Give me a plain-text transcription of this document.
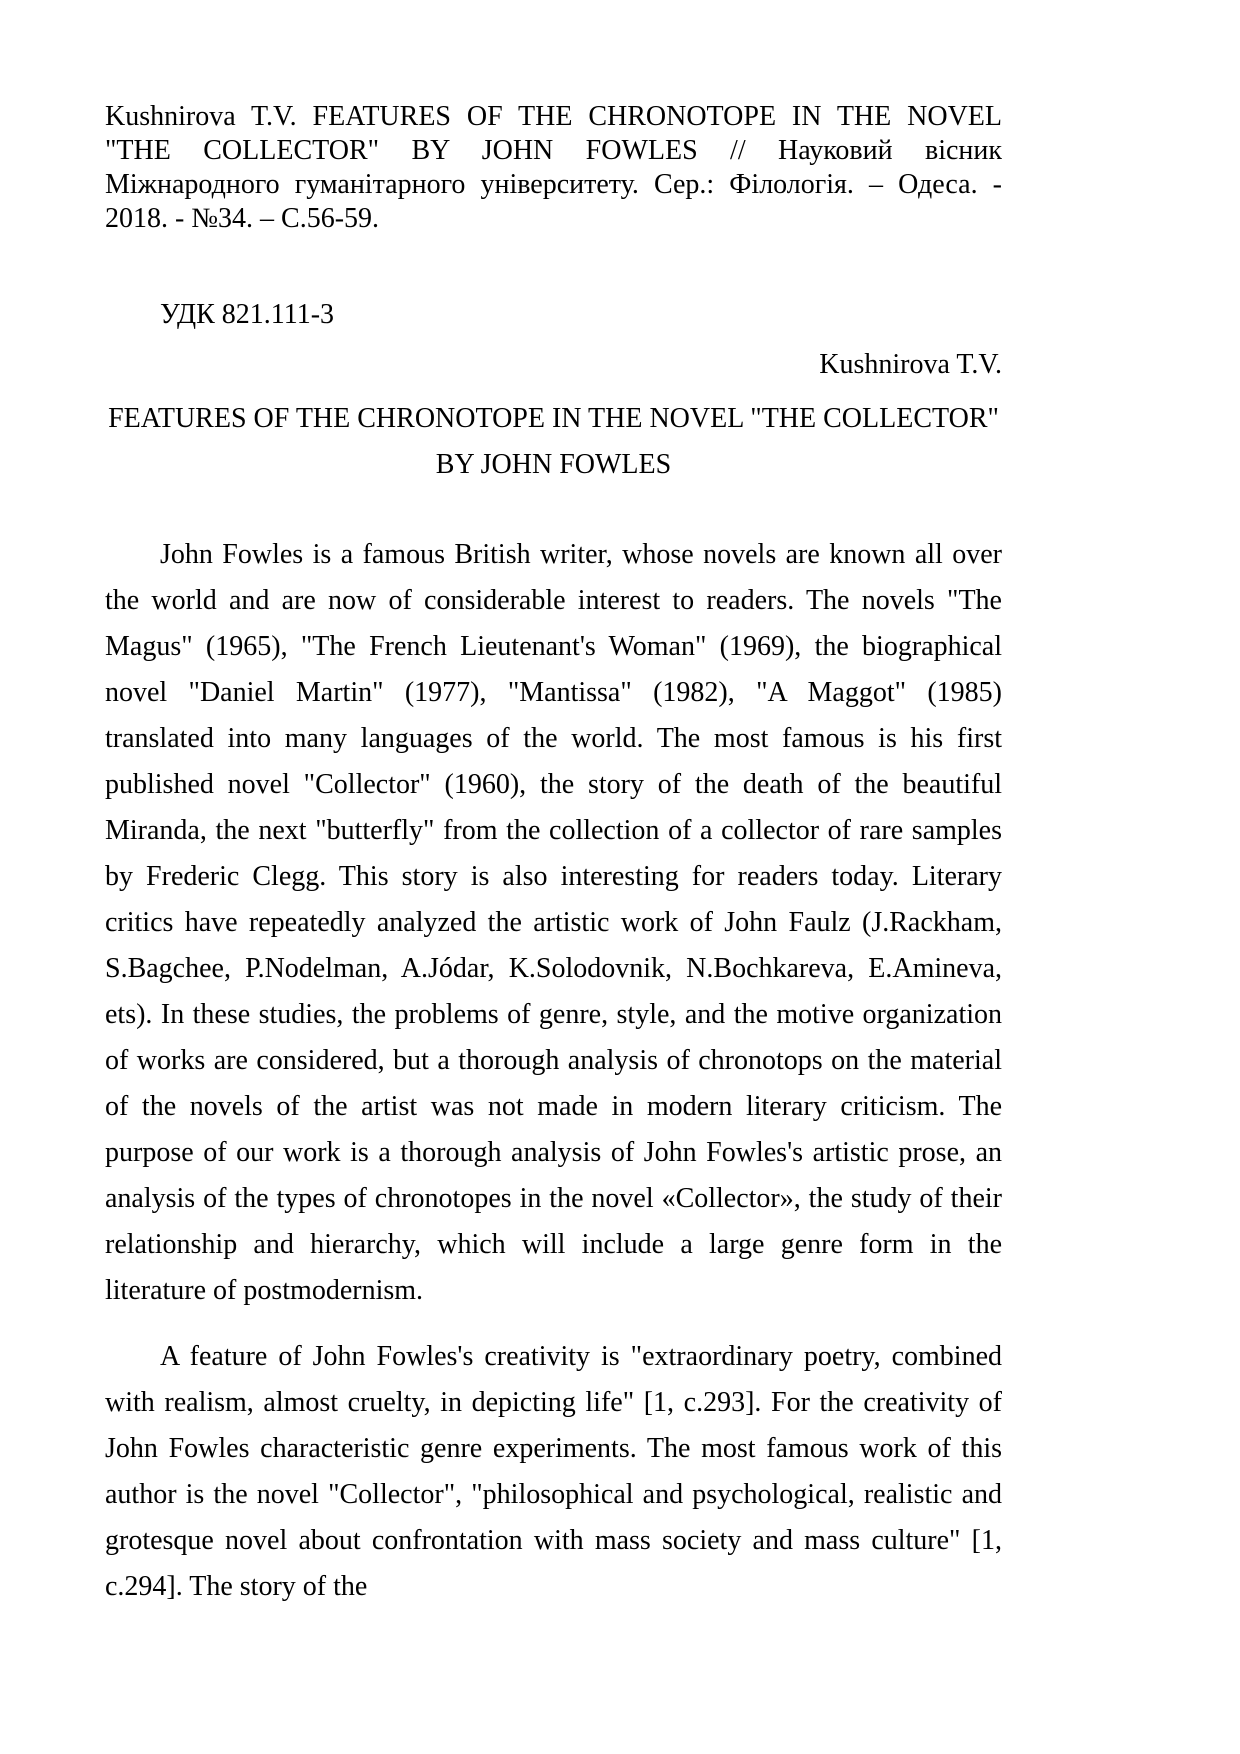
Kushnirova T.V. FEATURES OF THE CHRONOTOPE IN THE NOVEL "THE COLLECTOR" BY JOHN FOWLES // Науковий вісник Міжнародного гуманітарного університету. Сер.: Філологія. – Одеса. - 2018. - №34. – С.56-59.

УДК 821.111-3

Kushnirova T.V.

FEATURES OF THE CHRONOTOPE IN THE NOVEL "THE COLLECTOR"
BY JOHN FOWLES

John Fowles is a famous British writer, whose novels are known all over the world and are now of considerable interest to readers. The novels "The Magus" (1965), "The French Lieutenant's Woman" (1969), the biographical novel "Daniel Martin" (1977), "Mantissa" (1982), "A Maggot" (1985) translated into many languages of the world. The most famous is his first published novel "Collector" (1960), the story of the death of the beautiful Miranda, the next "butterfly" from the collection of a collector of rare samples by Frederic Clegg. This story is also interesting for readers today. Literary critics have repeatedly analyzed the artistic work of John Faulz (J.Rackham, S.Bagchee, P.Nodelman, A.Jódar, K.Solodovnik, N.Bochkareva, E.Amineva, ets). In these studies, the problems of genre, style, and the motive organization of works are considered, but a thorough analysis of chronotops on the material of the novels of the artist was not made in modern literary criticism. The purpose of our work is a thorough analysis of John Fowles's artistic prose, an analysis of the types of chronotopes in the novel «Collector», the study of their relationship and hierarchy, which will include a large genre form in the literature of postmodernism.

A feature of John Fowles's creativity is "extraordinary poetry, combined with realism, almost cruelty, in depicting life" [1, с.293]. For the creativity of John Fowles characteristic genre experiments. The most famous work of this author is the novel "Collector", "philosophical and psychological, realistic and grotesque novel about confrontation with mass society and mass culture" [1, с.294]. The story of the
